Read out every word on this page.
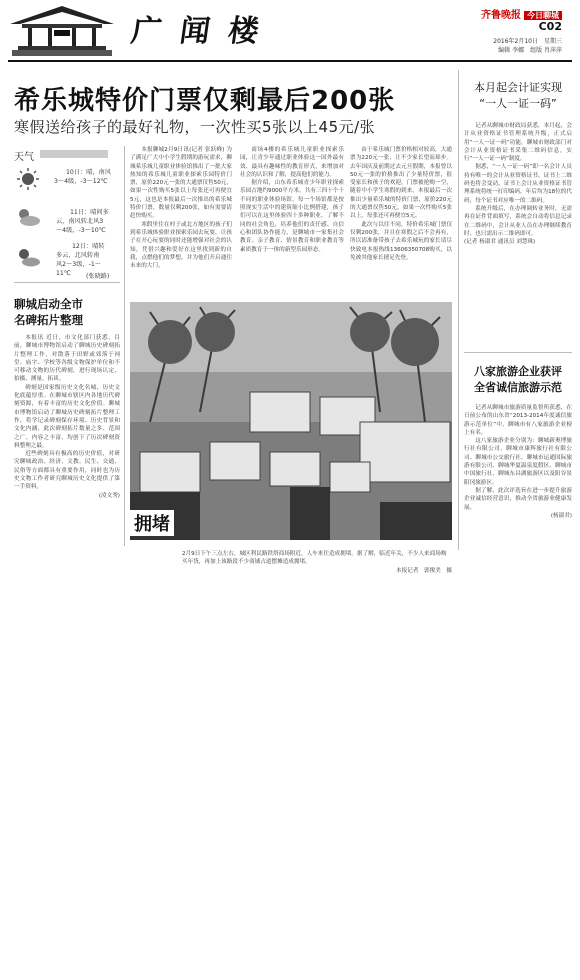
广 闻 楼	齐鲁晚报 今日聊城
C02
2016年2月10日　星期三
编辑 李娜　组版 肖萍萍
希乐城特价门票仅剩最后200张
寒假送给孩子的最好礼物，一次性买5张以上45元/张
天气
10日：晴，南风
3～4级，-3～12℃
11日：晴间多
云，南风转北风3
～4级，-3～10℃
12日：晴转
多云，北风转南
风2～3级，-1～
11℃ (张晓路)
聊城启动全市
名碑拓片整理

本报讯 近日，市文化部门获悉，目前，聊城市博物馆启动了聊城历史碑刻拓片整理工作，对散落于田野或郊落于祠堂、庙宇、学校等各级文物保护单位和不可移动文物的历代碑刻，进行现场认定、拍摄、测量、拓谈。

碑刻是国家级历史文化名城、历史文化底蕴厚重。在聊城市辖区内各地历代碑刻资源，有着丰富的历史文化价值。聊城市博物馆启动了聊城历史碑刻拓片整理工作，将学记录碑刻保存环境、历史背景和文化内涵，此次碑刻拓片数量之多、范围之广、内容之丰富，均创下了历次碑刻资料整理之最。

近些碑刻具有极高的历史价值，对研究聊城政治、经济、文教、民生、交通、民俗等方面都具有重要作用，同时也为历史文物工作者研究聊城历史文化提供了第一手资料。

(凌文秀)

本报聊城2月9日讯(记者 张跃峰) 为了满足广大中小学生假期的游玩需求，聊城希乐城儿童职业体验馆推出了一批大家热知的希乐城儿童职业探索乐园特价门票，原价220元一张的大通票仅售50元，如果一次性购买5张以上每张还可再便宜5元，这也是本报最后一次推出的希乐城特价门票，数量仅剩200张，如有需要请赶快购买。

寒假里住在村子或北方地区的孩子们到希乐城体验职业探索乐园去玩耍，让孩子在开心玩耍的同时还能增强对社会的认知，凭借兴趣和爱好在这里找到新的自我，点燃他们的梦想，并为他们开启通往未来的大门。

商场4楼的希乐城儿童职业探索乐园，让青少年通过职业体验这一国外最有效、最具有趣味性的教育形式，来增加对社会的认识和了解，提高他们的能力。

据介绍，山东希乐城青少年职业探索乐园占地约9000平方米，共有三四十个十不同的职业体验场馆，每一个场馆都是按照现实生活中的建筑缩小比例搭建，孩子们可以在这里体验四十多种职业，了解不同的社会角色，培养他们的责任感、自信心和团队协作能力，是聊城市一家集社会教育、亲子教育、情景教育和职业教育等素质教育于一体的新型乐园形态。

由于希乐城门票价格相对较高，大通票为220元一张，让不少家长望而却步。去年国庆及前期过去元旦假期，本报曾以50元一张的价格推出了少量特价票，很受家长和孩子的欢迎，门票被抢购一空，随着中小学生寒假的到来，本报最后一次推出少量希乐城的特价门票，原价220元的大通票仅售50元，如果一次性购买5张以上，每张还可再便宜5元。

此次与以往不同，特价希乐城门票仅仅剩200张，并且在寒假之后不会再有，所以请准备带孩子去希乐城玩的家长请尽快致电本报热线13606350708购买，以免被其他家长捷足先登。

拥堵
2月9日下午三点左右，城区利民路铁塔商场附近，人车来往造成拥堵。据了解，临近年关，不少人来商场购买年货，再加上该路段不少商铺占道摆摊造成拥堵。

本报记者　郭俊美　摄
本月起会计证实现
“一人一证一码”

记者从聊城市财政局获悉，本月起，会计从业资格证书管理系统升级，正式启用“一人一证一码”功能，聊城市财政部门对会计从业资格证书采集二维码信息，实行“一人一证一码”制度。

据悉，“一人一证一码”即一名会计人员持有唯一的会计从业资格证书，证书上二维码也将会变动，证书上会计从业资格证书管理系统将统一打印编码，年后均为18位的代码，每个证书对应唯一的二维码。

系统升级后，在办理调转业务时，无需再在证件背面填写，系统会自动将信息记录在二维码中，会计从业人员在办理继续教育时，也只需出示二维码即可。

(记者 杨淑君 通讯员 刘慧珠)
八家旅游企业获评
全省诚信旅游示范

记者从聊城市旅游质量监督所获悉，在日前公布的山东省“2013-2014年度诚信旅游示范单位”中，聊城市有八家旅游企业榜上有名。

这八家旅游企业分别为：聊城新奥博旅行社有限公司、聊城市康辉旅行社有限公司、聊城市公交旅行社、聊城市运通国际旅游有限公司、聊城华夏温泉度假区、聊城市中国旅行社、聊城东昌湖旅游区以及阳谷景阳冈旅游区。

据了解，此次评选旨在进一步提升旅游企业诚信经营意识，推动全省旅游业健康发展。

(杨淑君)
